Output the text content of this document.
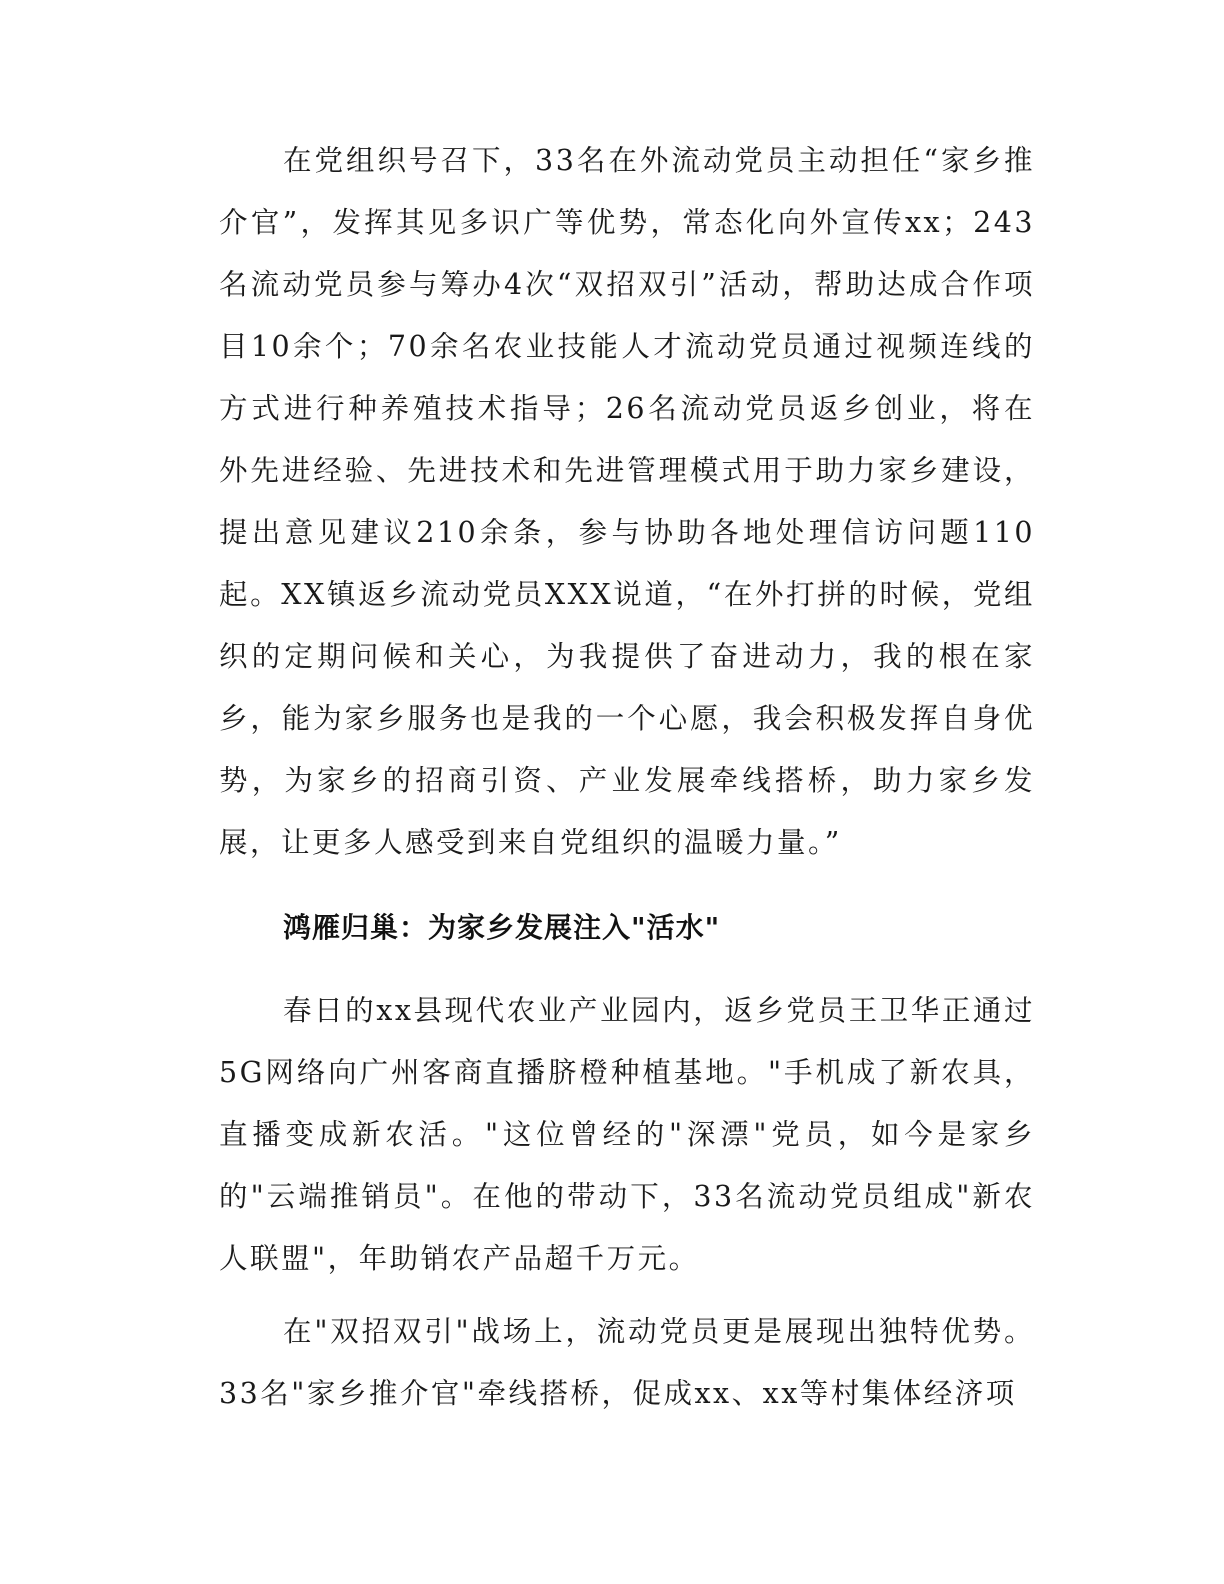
在党组织号召下，33名在外流动党员主动担任“家乡推介官”，发挥其见多识广等优势，常态化向外宣传xx；243名流动党员参与筹办4次“双招双引”活动，帮助达成合作项目10余个；70余名农业技能人才流动党员通过视频连线的方式进行种养殖技术指导；26名流动党员返乡创业，将在外先进经验、先进技术和先进管理模式用于助力家乡建设，提出意见建议210余条，参与协助各地处理信访问题110起。XX镇返乡流动党员XXX说道，“在外打拼的时候，党组织的定期问候和关心，为我提供了奋进动力，我的根在家乡，能为家乡服务也是我的一个心愿，我会积极发挥自身优势，为家乡的招商引资、产业发展牵线搭桥，助力家乡发展，让更多人感受到来自党组织的温暖力量。”

鸿雁归巢：为家乡发展注入"活水"

春日的xx县现代农业产业园内，返乡党员王卫华正通过5G网络向广州客商直播脐橙种植基地。"手机成了新农具，直播变成新农活。"这位曾经的"深漂"党员，如今是家乡的"云端推销员"。在他的带动下，33名流动党员组成"新农人联盟"，年助销农产品超千万元。

在"双招双引"战场上，流动党员更是展现出独特优势。33名"家乡推介官"牵线搭桥，促成xx、xx等村集体经济项
